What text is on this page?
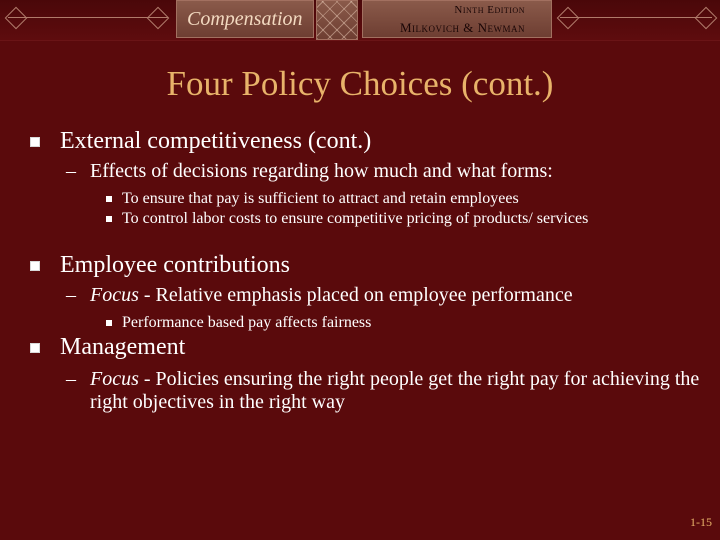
Compensation	Ninth Edition
Milkovich & Newman
Four Policy Choices (cont.)
External competitiveness (cont.)
– Effects of decisions regarding how much and what forms:
To ensure that pay is sufficient to attract and retain employees
To control labor costs to ensure competitive pricing of products/ services
Employee contributions
– Focus - Relative emphasis placed on employee performance
Performance based pay affects fairness
Management
– Focus - Policies ensuring the right people get the right pay for achieving the right objectives in the right way
1-15
